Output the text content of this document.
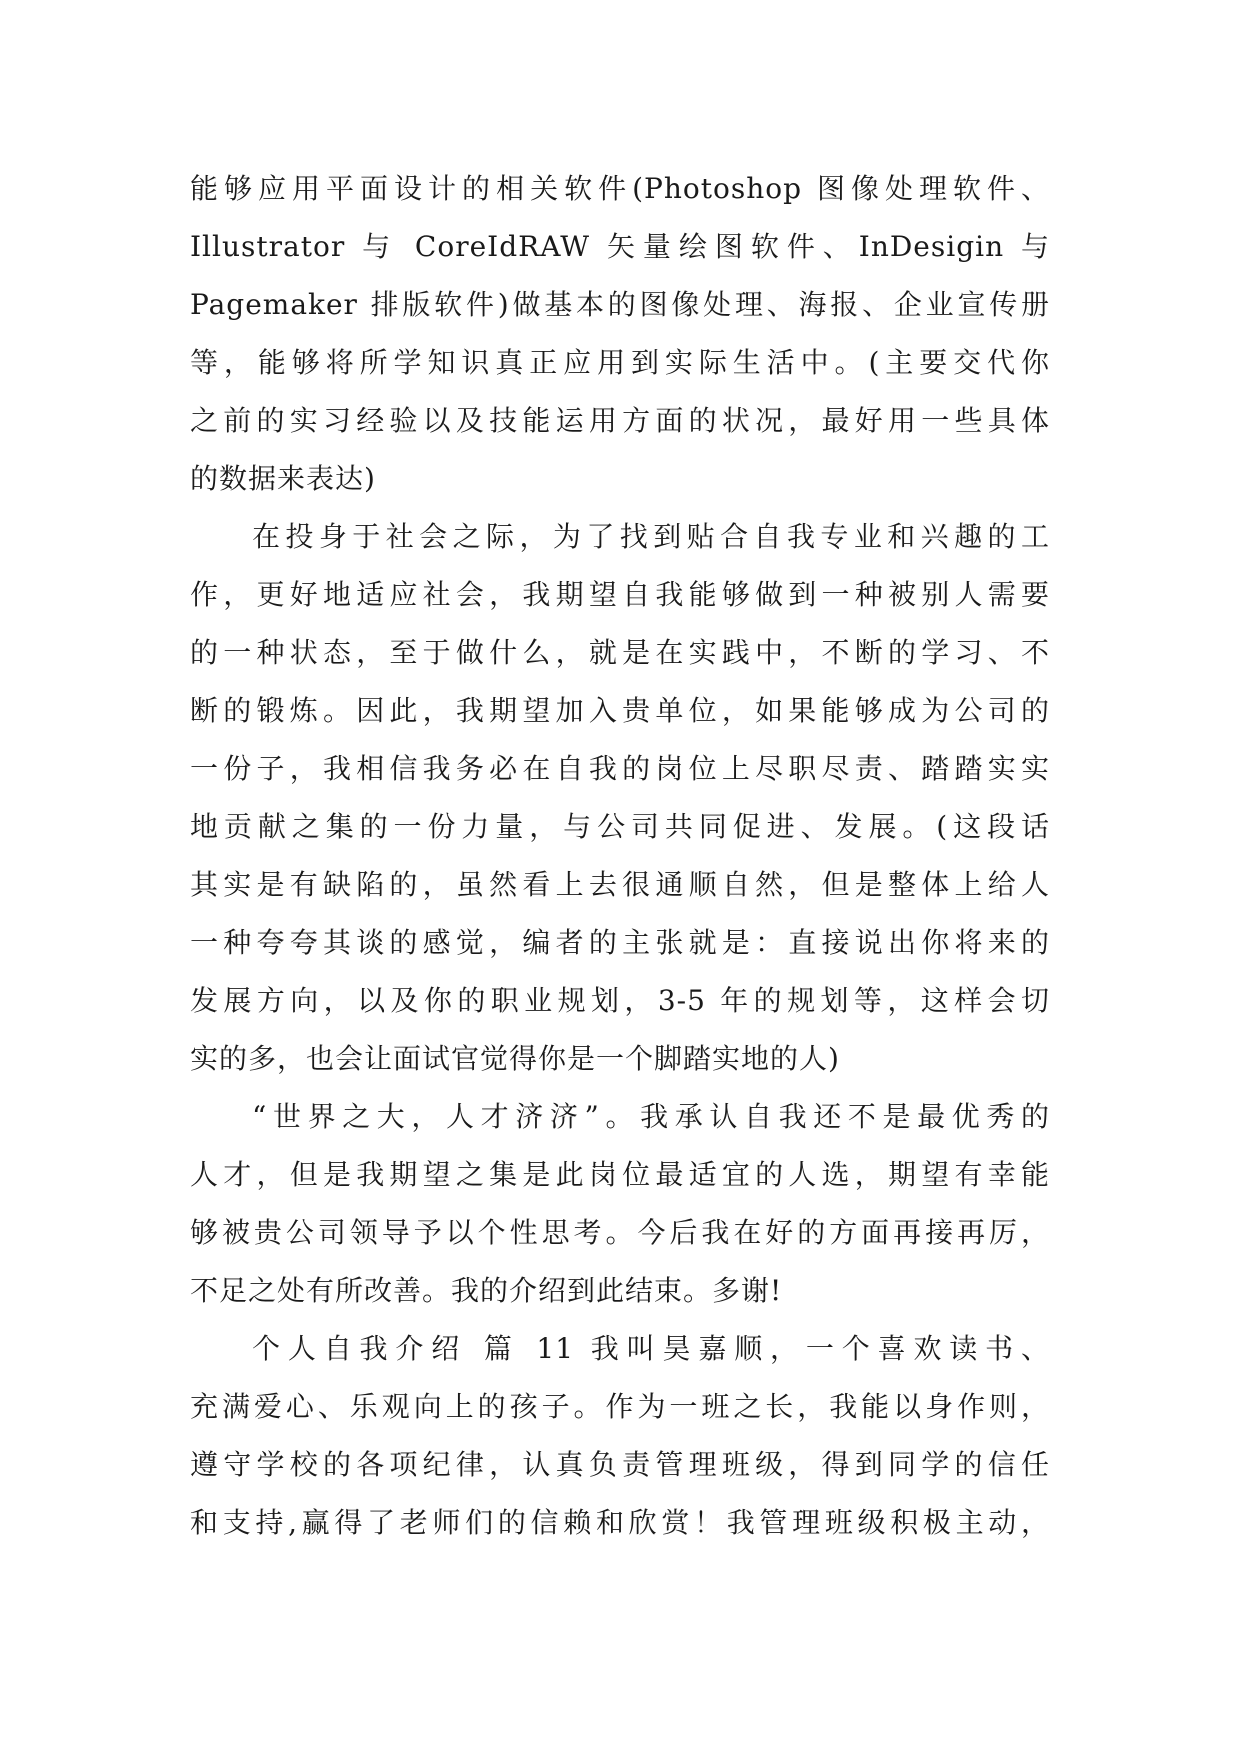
能够应用平面设计的相关软件(Photoshop 图像处理软件、
Illustrator 与 CoreIdRAW 矢量绘图软件、InDesigin 与
Pagemaker 排版软件)做基本的图像处理、海报、企业宣传册
等，能够将所学知识真正应用到实际生活中。(主要交代你
之前的实习经验以及技能运用方面的状况，最好用一些具体
的数据来表达)
在投身于社会之际，为了找到贴合自我专业和兴趣的工
作，更好地适应社会，我期望自我能够做到一种被别人需要
的一种状态，至于做什么，就是在实践中，不断的学习、不
断的锻炼。因此，我期望加入贵单位，如果能够成为公司的
一份子，我相信我务必在自我的岗位上尽职尽责、踏踏实实
地贡献之集的一份力量，与公司共同促进、发展。(这段话
其实是有缺陷的，虽然看上去很通顺自然，但是整体上给人
一种夸夸其谈的感觉，编者的主张就是：直接说出你将来的
发展方向，以及你的职业规划，3-5 年的规划等，这样会切
实的多，也会让面试官觉得你是一个脚踏实地的人)
“世界之大，人才济济”。我承认自我还不是最优秀的
人才，但是我期望之集是此岗位最适宜的人选，期望有幸能
够被贵公司领导予以个性思考。今后我在好的方面再接再厉，
不足之处有所改善。我的介绍到此结束。多谢!
个人自我介绍 篇 11 我叫昊嘉顺，一个喜欢读书、
充满爱心、乐观向上的孩子。作为一班之长，我能以身作则，
遵守学校的各项纪律，认真负责管理班级，得到同学的信任
和支持,赢得了老师们的信赖和欣赏！我管理班级积极主动，
